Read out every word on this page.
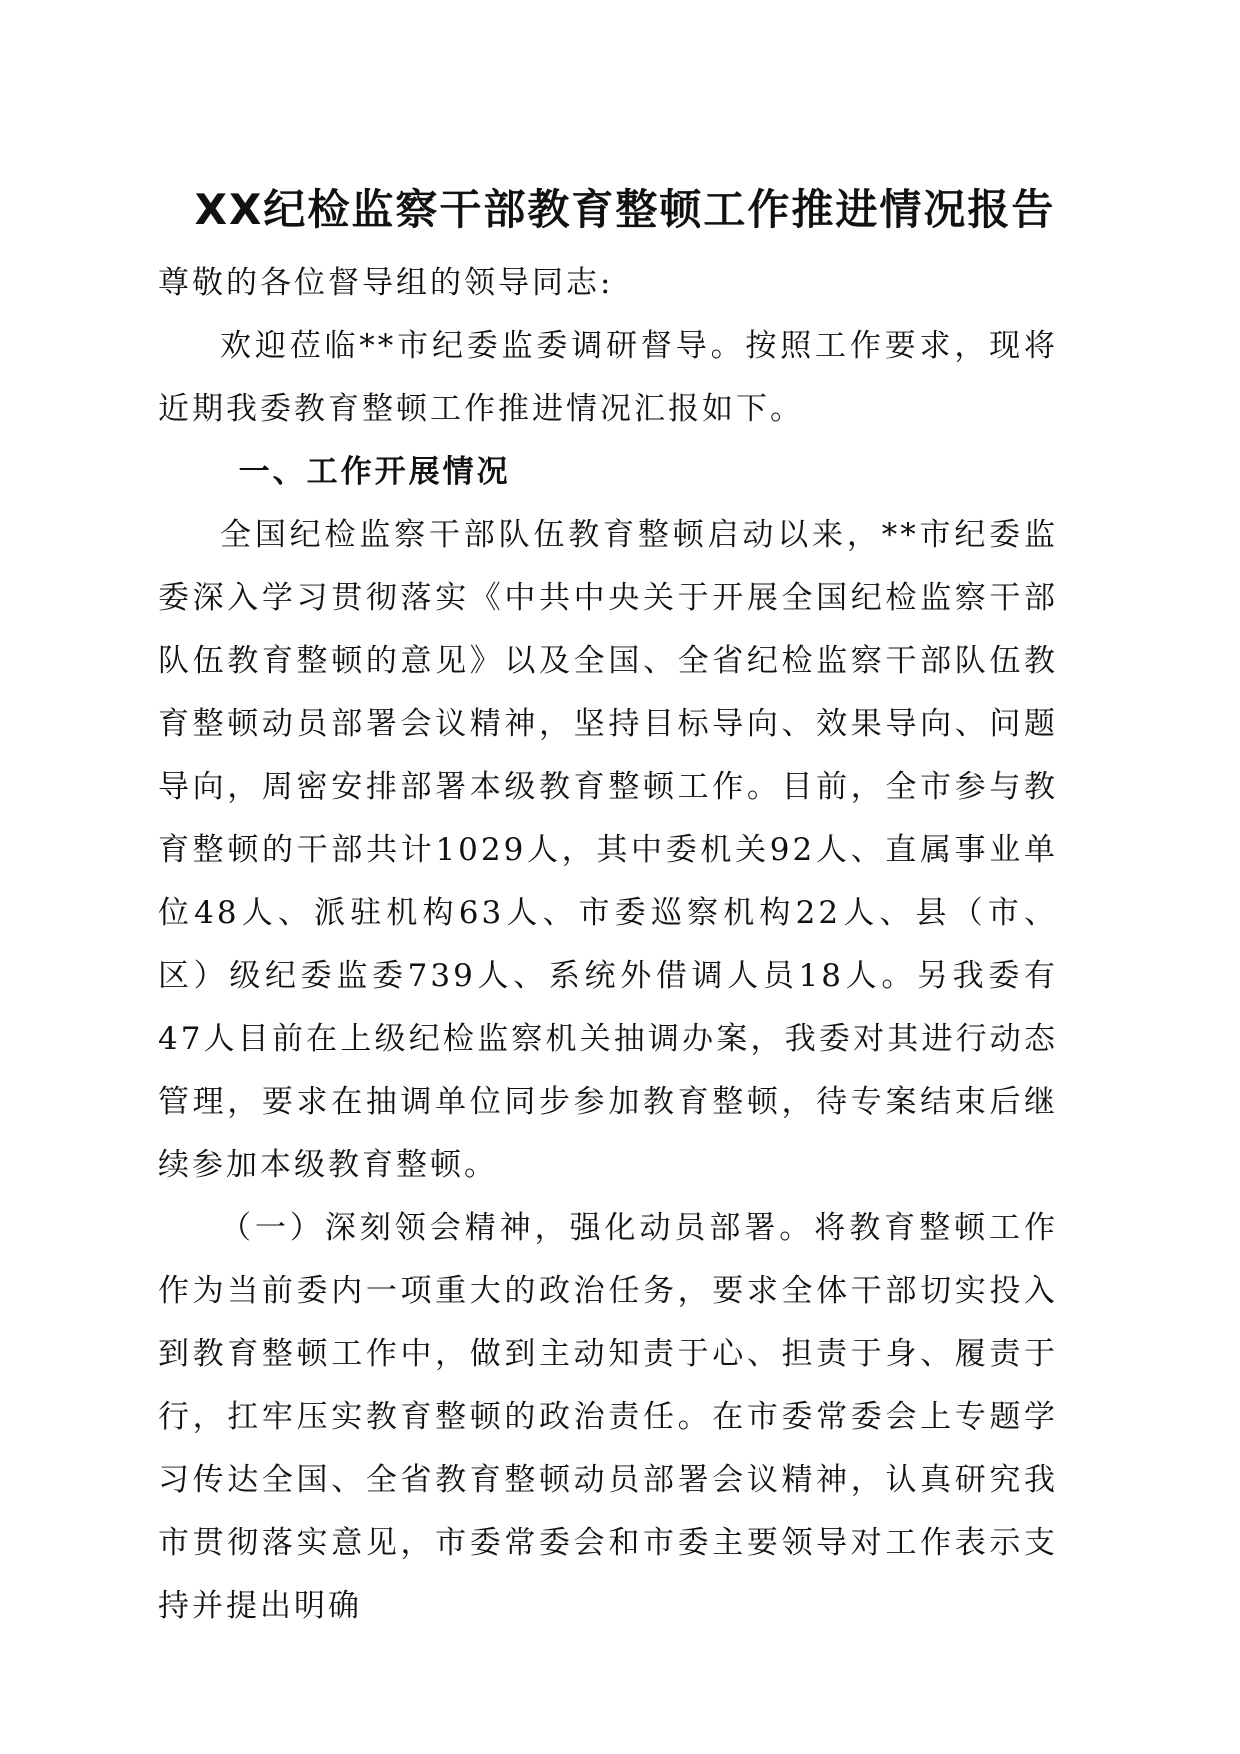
XX纪检监察干部教育整顿工作推进情况报告

尊敬的各位督导组的领导同志:

欢迎莅临**市纪委监委调研督导。按照工作要求，现将近期我委教育整顿工作推进情况汇报如下。

一、工作开展情况

全国纪检监察干部队伍教育整顿启动以来，**市纪委监委深入学习贯彻落实《中共中央关于开展全国纪检监察干部队伍教育整顿的意见》以及全国、全省纪检监察干部队伍教育整顿动员部署会议精神，坚持目标导向、效果导向、问题导向，周密安排部署本级教育整顿工作。目前，全市参与教育整顿的干部共计1029人，其中委机关92人、直属事业单位48人、派驻机构63人、市委巡察机构22人、县（市、区）级纪委监委739人、系统外借调人员18人。另我委有47人目前在上级纪检监察机关抽调办案，我委对其进行动态管理，要求在抽调单位同步参加教育整顿，待专案结束后继续参加本级教育整顿。

（一）深刻领会精神，强化动员部署。将教育整顿工作作为当前委内一项重大的政治任务，要求全体干部切实投入到教育整顿工作中，做到主动知责于心、担责于身、履责于行，扛牢压实教育整顿的政治责任。在市委常委会上专题学习传达全国、全省教育整顿动员部署会议精神，认真研究我市贯彻落实意见，市委常委会和市委主要领导对工作表示支持并提出明确
